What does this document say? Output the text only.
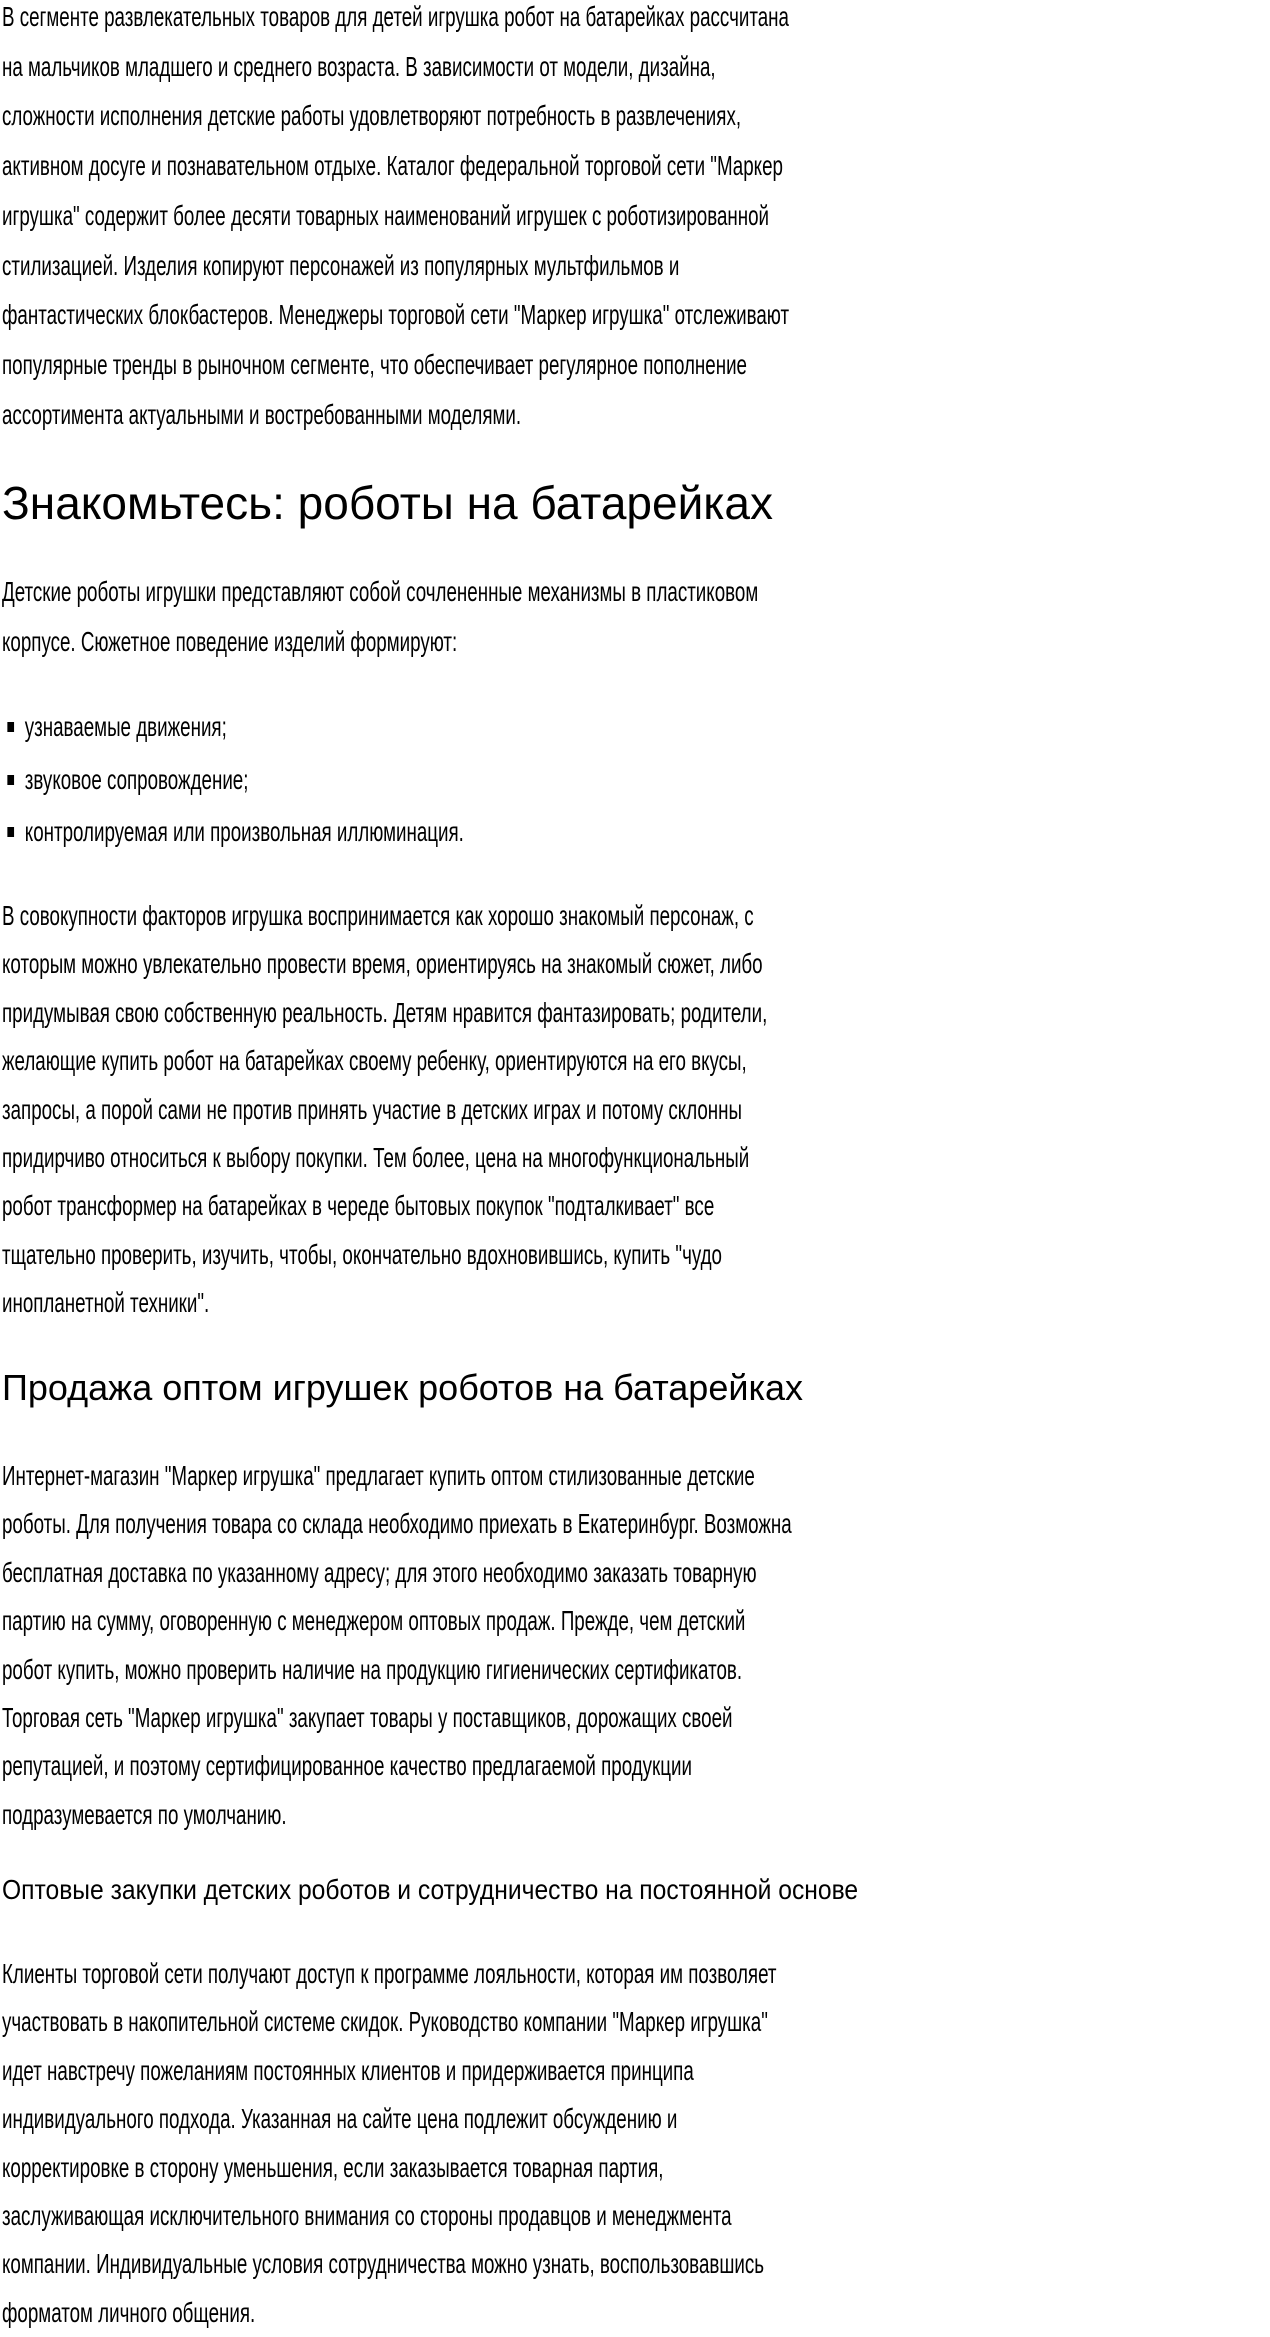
В сегменте развлекательных товаров для детей игрушка робот на батарейках рассчитана
на мальчиков младшего и среднего возраста. В зависимости от модели, дизайна,
сложности исполнения детские работы удовлетворяют потребность в развлечениях,
активном досуге и познавательном отдыхе. Каталог федеральной торговой сети "Маркер
игрушка" содержит более десяти товарных наименований игрушек с роботизированной
стилизацией. Изделия копируют персонажей из популярных мультфильмов и
фантастических блокбастеров. Менеджеры торговой сети "Маркер игрушка" отслеживают
популярные тренды в рыночном сегменте, что обеспечивает регулярное пополнение
ассортимента актуальными и востребованными моделями.
Знакомьтесь: роботы на батарейках
Детские роботы игрушки представляют собой сочлененные механизмы в пластиковом
корпусе. Сюжетное поведение изделий формируют:
узнаваемые движения;
звуковое сопровождение;
контролируемая или произвольная иллюминация.
В совокупности факторов игрушка воспринимается как хорошо знакомый персонаж, с
которым можно увлекательно провести время, ориентируясь на знакомый сюжет, либо
придумывая свою собственную реальность. Детям нравится фантазировать; родители,
желающие купить робот на батарейках своему ребенку, ориентируются на его вкусы,
запросы, а порой сами не против принять участие в детских играх и потому склонны
придирчиво относиться к выбору покупки. Тем более, цена на многофункциональный
робот трансформер на батарейках в череде бытовых покупок "подталкивает" все
тщательно проверить, изучить, чтобы, окончательно вдохновившись, купить "чудо
инопланетной техники".
Продажа оптом игрушек роботов на батарейках
Интернет-магазин "Маркер игрушка" предлагает купить оптом стилизованные детские
роботы. Для получения товара со склада необходимо приехать в Екатеринбург. Возможна
бесплатная доставка по указанному адресу; для этого необходимо заказать товарную
партию на сумму, оговоренную с менеджером оптовых продаж. Прежде, чем детский
робот купить, можно проверить наличие на продукцию гигиенических сертификатов.
Торговая сеть "Маркер игрушка" закупает товары у поставщиков, дорожащих своей
репутацией, и поэтому сертифицированное качество предлагаемой продукции
подразумевается по умолчанию.
Оптовые закупки детских роботов и сотрудничество на постоянной основе
Клиенты торговой сети получают доступ к программе лояльности, которая им позволяет
участвовать в накопительной системе скидок. Руководство компании "Маркер игрушка"
идет навстречу пожеланиям постоянных клиентов и придерживается принципа
индивидуального подхода. Указанная на сайте цена подлежит обсуждению и
корректировке в сторону уменьшения, если заказывается товарная партия,
заслуживающая исключительного внимания со стороны продавцов и менеджмента
компании. Индивидуальные условия сотрудничества можно узнать, воспользовавшись
форматом личного общения.
